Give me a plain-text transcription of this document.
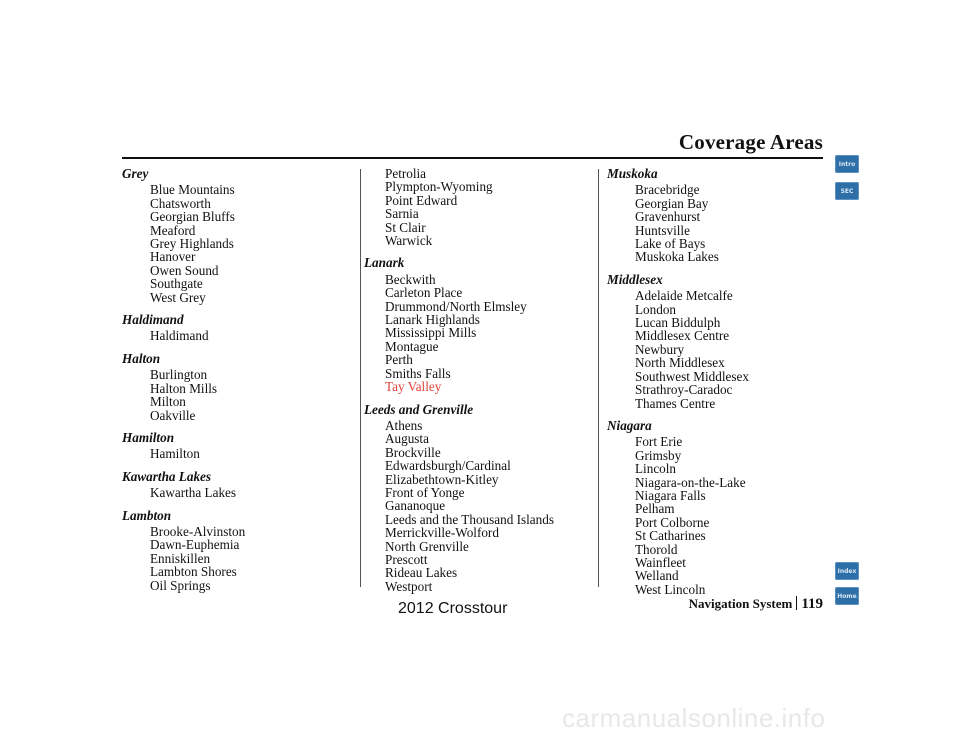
Coverage Areas
Grey
Blue Mountains
Chatsworth
Georgian Bluffs
Meaford
Grey Highlands
Hanover
Owen Sound
Southgate
West Grey
Haldimand
Haldimand
Halton
Burlington
Halton Mills
Milton
Oakville
Hamilton
Hamilton
Kawartha Lakes
Kawartha Lakes
Lambton
Brooke-Alvinston
Dawn-Euphemia
Enniskillen
Lambton Shores
Oil Springs
Petrolia
Plympton-Wyoming
Point Edward
Sarnia
St Clair
Warwick
Lanark
Beckwith
Carleton Place
Drummond/North Elmsley
Lanark Highlands
Mississippi Mills
Montague
Perth
Smiths Falls
Tay Valley
Leeds and Grenville
Athens
Augusta
Brockville
Edwardsburgh/Cardinal
Elizabethtown-Kitley
Front of Yonge
Gananoque
Leeds and the Thousand Islands
Merrickville-Wolford
North Grenville
Prescott
Rideau Lakes
Westport
Muskoka
Bracebridge
Georgian Bay
Gravenhurst
Huntsville
Lake of Bays
Muskoka Lakes
Middlesex
Adelaide Metcalfe
London
Lucan Biddulph
Middlesex Centre
Newbury
North Middlesex
Southwest Middlesex
Strathroy-Caradoc
Thames Centre
Niagara
Fort Erie
Grimsby
Lincoln
Niagara-on-the-Lake
Niagara Falls
Pelham
Port Colborne
St Catharines
Thorold
Wainfleet
Welland
West Lincoln
Intro
SEC
Index
Home
Navigation System 119
2012 Crosstour
carmanualsonline.info
